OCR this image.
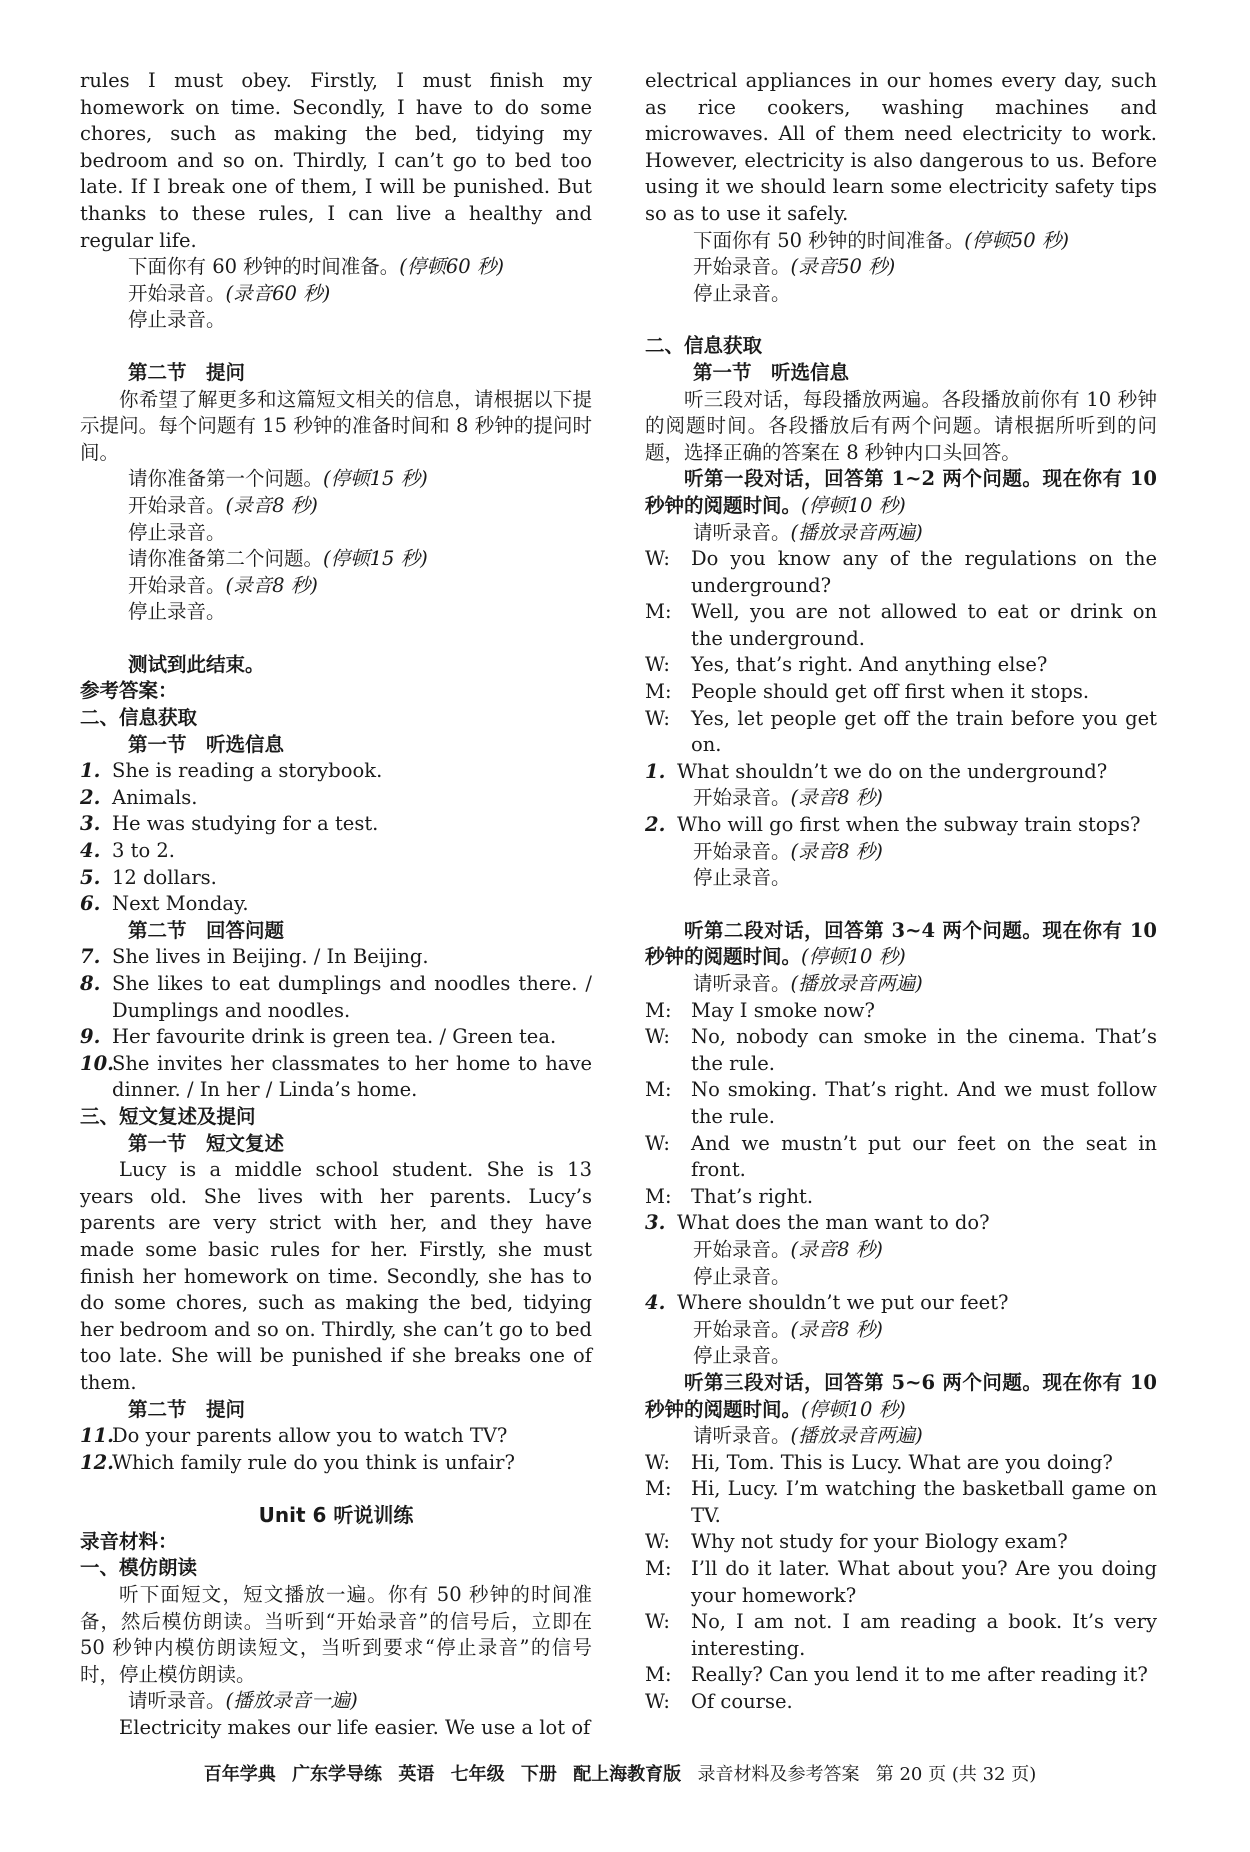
rules I must obey. Firstly, I must finish my homework on time. Secondly, I have to do some chores, such as making the bed, tidying my bedroom and so on. Thirdly, I can’t go to bed too late. If I break one of them, I will be punished. But thanks to these rules, I can live a healthy and regular life.
下面你有 60 秒钟的时间准备。(停顿60 秒)
开始录音。(录音60 秒)
停止录音。
第二节　提问
你希望了解更多和这篇短文相关的信息，请根据以下提示提问。每个问题有 15 秒钟的准备时间和 8 秒钟的提问时间。
请你准备第一个问题。(停顿15 秒)
开始录音。(录音8 秒)
停止录音。
请你准备第二个问题。(停顿15 秒)
开始录音。(录音8 秒)
停止录音。
测试到此结束。
参考答案：
二、信息获取
第一节　听选信息
1. She is reading a storybook.
2. Animals.
3. He was studying for a test.
4. 3 to 2.
5. 12 dollars.
6. Next Monday.
第二节　回答问题
7. She lives in Beijing. / In Beijing.
8. She likes to eat dumplings and noodles there. / Dumplings and noodles.
9. Her favourite drink is green tea. / Green tea.
10.
She invites her classmates to her home to have dinner. / In her / Linda’s home.
三、短文复述及提问
第一节　短文复述
Lucy is a middle school student. She is 13 years old. She lives with her parents. Lucy’s parents are very strict with her, and they have made some basic rules for her. Firstly, she must finish her homework on time. Secondly, she has to do some chores, such as making the bed, tidying her bedroom and so on. Thirdly, she can’t go to bed too late. She will be punished if she breaks one of them.
第二节　提问
11.
Do your parents allow you to watch TV?
12.
Which family rule do you think is unfair?
Unit 6 听说训练
录音材料：
一、模仿朗读
听下面短文，短文播放一遍。你有 50 秒钟的时间准备，然后模仿朗读。当听到“开始录音”的信号后，立即在 50 秒钟内模仿朗读短文，当听到要求“停止录音”的信号时，停止模仿朗读。
请听录音。(播放录音一遍)
Electricity makes our life easier. We use a lot of
electrical appliances in our homes every day, such as rice cookers, washing machines and microwaves. All of them need electricity to work. However, electricity is also dangerous to us. Before using it we should learn some electricity safety tips so as to use it safely.
下面你有 50 秒钟的时间准备。(停顿50 秒)
开始录音。(录音50 秒)
停止录音。
二、信息获取
第一节　听选信息
听三段对话，每段播放两遍。各段播放前你有 10 秒钟的阅题时间。各段播放后有两个问题。请根据所听到的问题，选择正确的答案在 8 秒钟内口头回答。
听第一段对话，回答第 1~2 两个问题。现在你有 10 秒钟的阅题时间。(停顿10 秒)
请听录音。(播放录音两遍)
W:	Do you know any of the regulations on the underground?
M: Well, you are not allowed to eat or drink on the underground.
W:	Yes, that’s right. And anything else?
M: People should get off first when it stops.
W:	Yes, let people get off the train before you get on.
1. What shouldn’t we do on the underground?
开始录音。(录音8 秒)
2. Who will go first when the subway train stops?
开始录音。(录音8 秒)
停止录音。
听第二段对话，回答第 3~4 两个问题。现在你有 10 秒钟的阅题时间。(停顿10 秒)
请听录音。(播放录音两遍)
M: May I smoke now?
W:	No, nobody can smoke in the cinema. That’s the rule.
M: No smoking. That’s right. And we must follow the rule.
W:	And we mustn’t put our feet on the seat in front.
M: That’s right.
3. What does the man want to do?
开始录音。(录音8 秒)
停止录音。
4. Where shouldn’t we put our feet?
开始录音。(录音8 秒)
停止录音。
听第三段对话，回答第 5~6 两个问题。现在你有 10 秒钟的阅题时间。(停顿10 秒)
请听录音。(播放录音两遍)
W:	Hi, Tom. This is Lucy. What are you doing?
M: Hi, Lucy. I’m watching the basketball game on TV.
W:	Why not study for your Biology exam?
M: I’ll do it later. What about you? Are you doing your homework?
W:	No, I am not. I am reading a book. It’s very interesting.
M: Really? Can you lend it to me after reading it?
W:	Of course.
百年学典 广东学导练 英语 七年级 下册 配上海教育版 录音材料及参考答案 第 20 页 (共 32 页)
